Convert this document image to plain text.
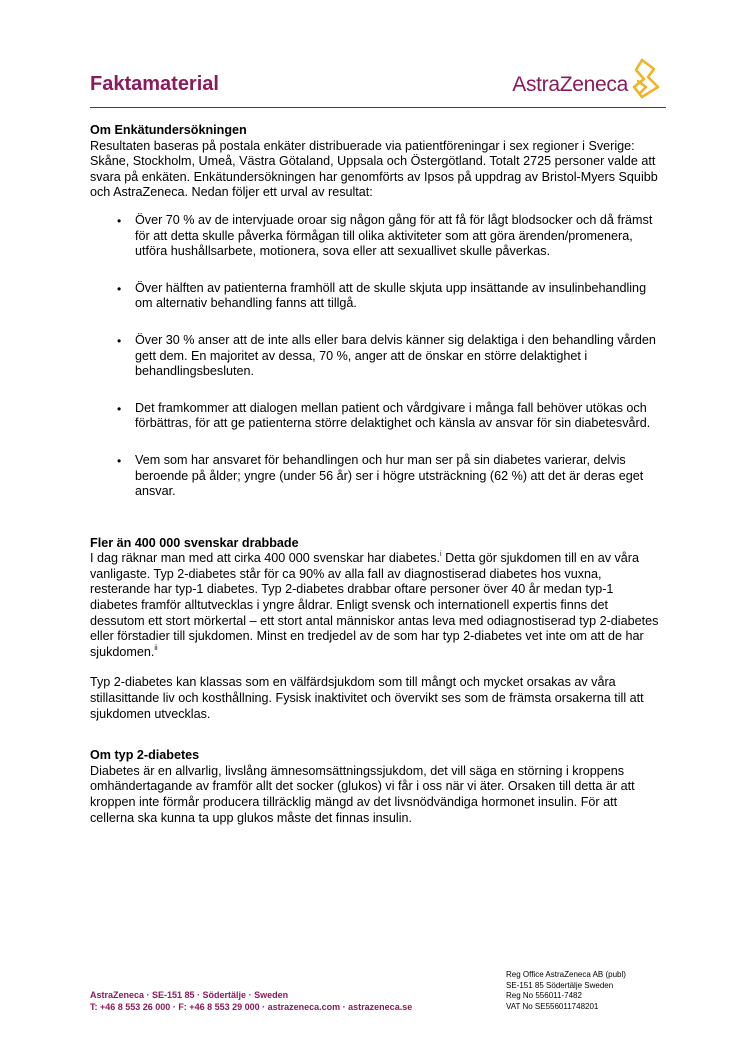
Faktamaterial	AstraZeneca

Om Enkätundersökningen

Resultaten baseras på postala enkäter distribuerade via patientföreningar i sex regioner i Sverige: Skåne, Stockholm, Umeå, Västra Götaland, Uppsala och Östergötland. Totalt 2725 personer valde att svara på enkäten. Enkätundersökningen har genomförts av Ipsos på uppdrag av Bristol-Myers Squibb och AstraZeneca. Nedan följer ett urval av resultat:

• Över 70 % av de intervjuade oroar sig någon gång för att få för lågt blodsocker och då främst för att detta skulle påverka förmågan till olika aktiviteter som att göra ärenden/promenera, utföra hushållsarbete, motionera, sova eller att sexuallivet skulle påverkas.
• Över hälften av patienterna framhöll att de skulle skjuta upp insättande av insulinbehandling om alternativ behandling fanns att tillgå.
• Över 30 % anser att de inte alls eller bara delvis känner sig delaktiga i den behandling vården gett dem. En majoritet av dessa, 70 %, anger att de önskar en större delaktighet i behandlingsbesluten.
• Det framkommer att dialogen mellan patient och vårdgivare i många fall behöver utökas och förbättras, för att ge patienterna större delaktighet och känsla av ansvar för sin diabetesvård.
• Vem som har ansvaret för behandlingen och hur man ser på sin diabetes varierar, delvis beroende på ålder; yngre (under 56 år) ser i högre utsträckning (62 %) att det är deras eget ansvar.

Fler än 400 000 svenskar drabbade

I dag räknar man med att cirka 400 000 svenskar har diabetes.$^i$ Detta gör sjukdomen till en av våra vanligaste. Typ 2-diabetes står för ca 90% av alla fall av diagnostiserad diabetes hos vuxna, resterande har typ-1 diabetes. Typ 2-diabetes drabbar oftare personer över 40 år medan typ-1 diabetes framför alltutvecklas i yngre åldrar. Enligt svensk och internationell expertis finns det dessutom ett stort mörkertal – ett stort antal människor antas leva med odiagnostiserad typ 2-diabetes eller förstadier till sjukdomen. Minst en tredjedel av de som har typ 2-diabetes vet inte om att de har sjukdomen.$^{ii}$

Typ 2-diabetes kan klassas som en välfärdsjukdom som till mångt och mycket orsakas av våra stillasittande liv och kosthållning. Fysisk inaktivitet och övervikt ses som de främsta orsakerna till att sjukdomen utvecklas.

Om typ 2-diabetes

Diabetes är en allvarlig, livslång ämnesomsättningssjukdom, det vill säga en störning i kroppens omhändertagande av framför allt det socker (glukos) vi får i oss när vi äter. Orsaken till detta är att kroppen inte förmår producera tillräcklig mängd av det livsnödvändiga hormonet insulin. För att cellerna ska kunna ta upp glukos måste det finnas insulin.

Reg Office AstraZeneca AB (publ)
SE-151 85 Södertälje Sweden
Reg No 556011-7482
VAT No SE556011748201
AstraZeneca · SE-151 85 · Södertälje · Sweden
T: +46 8 553 26 000 · F: +46 8 553 29 000 · astrazeneca.com · astrazeneca.se
